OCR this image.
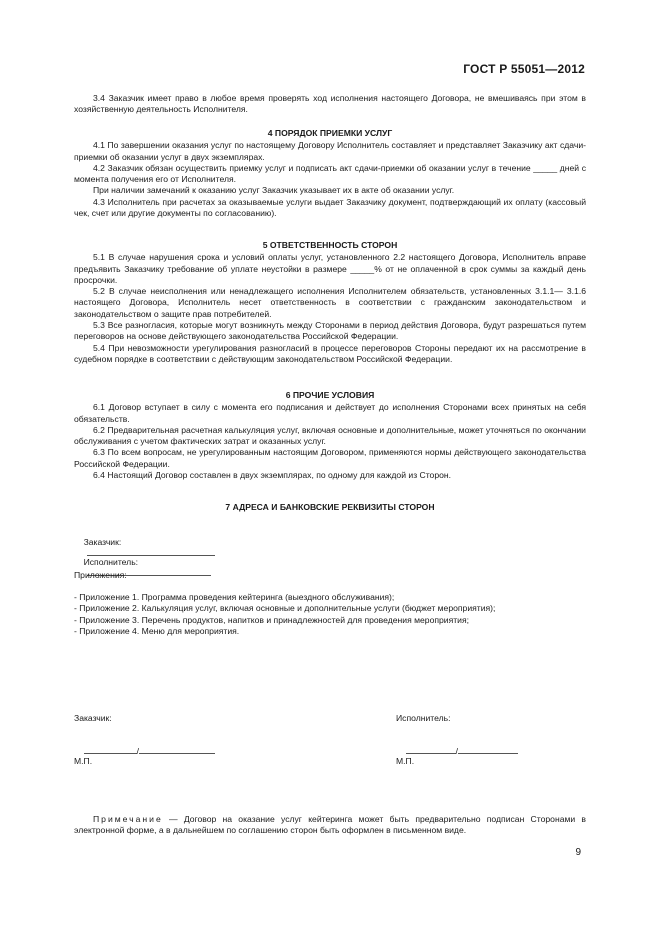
ГОСТ Р 55051—2012

3.4 Заказчик имеет право в любое время проверять ход исполнения настоящего Договора, не вмешиваясь при этом в хозяйственную деятельность Исполнителя.

4 ПОРЯДОК ПРИЕМКИ УСЛУГ

4.1 По завершении оказания услуг по настоящему Договору Исполнитель составляет и представляет Заказчику акт сдачи-приемки об оказании услуг в двух экземплярах.

4.2 Заказчик обязан осуществить приемку услуг и подписать акт сдачи-приемки об оказании услуг в течение _____ дней с момента получения его от Исполнителя.

При наличии замечаний к оказанию услуг Заказчик указывает их в акте об оказании услуг.

4.3 Исполнитель при расчетах за оказываемые услуги выдает Заказчику документ, подтверждающий их оплату (кассовый чек, счет или другие документы по согласованию).

5 ОТВЕТСТВЕННОСТЬ СТОРОН

5.1 В случае нарушения срока и условий оплаты услуг, установленного 2.2 настоящего Договора, Исполнитель вправе предъявить Заказчику требование об уплате неустойки в размере _____% от не оплаченной в срок суммы за каждый день просрочки.

5.2 В случае неисполнения или ненадлежащего исполнения Исполнителем обязательств, установленных 3.1.1— 3.1.6 настоящего Договора, Исполнитель несет ответственность в соответствии с гражданским законодательством и законодательством о защите прав потребителей.

5.3 Все разногласия, которые могут возникнуть между Сторонами в период действия Договора, будут разрешаться путем переговоров на основе действующего законодательства Российской Федерации.

5.4 При невозможности урегулирования разногласий в процессе переговоров Стороны передают их на рассмотрение в судебном порядке в соответствии с действующим законодательством Российской Федерации.

6 ПРОЧИЕ УСЛОВИЯ

6.1 Договор вступает в силу с момента его подписания и действует до исполнения Сторонами всех принятых на себя обязательств.

6.2 Предварительная расчетная калькуляция услуг, включая основные и дополнительные, может уточняться по окончании обслуживания с учетом фактических затрат и оказанных услуг.

6.3 По всем вопросам, не урегулированным настоящим Договором, применяются нормы действующего законодательства Российской Федерации.

6.4 Настоящий Договор составлен в двух экземплярах, по одному для каждой из Сторон.

7 АДРЕСА И БАНКОВСКИЕ РЕКВИЗИТЫ СТОРОН

Заказчик:

Исполнитель:

Приложения:

- Приложение 1. Программа проведения кейтеринга (выездного обслуживания);

- Приложение 2. Калькуляция услуг, включая основные и дополнительные услуги (бюджет мероприятия);

- Приложение 3. Перечень продуктов, напитков и принадлежностей для проведения мероприятия;

- Приложение 4. Меню для мероприятия.

Заказчик:	Исполнитель:

/
	/

М.П.	М.П.

Примечание — Договор на оказание услуг кейтеринга может быть предварительно подписан Сторонами в электронной форме, а в дальнейшем по соглашению сторон быть оформлен в письменном виде.

9
